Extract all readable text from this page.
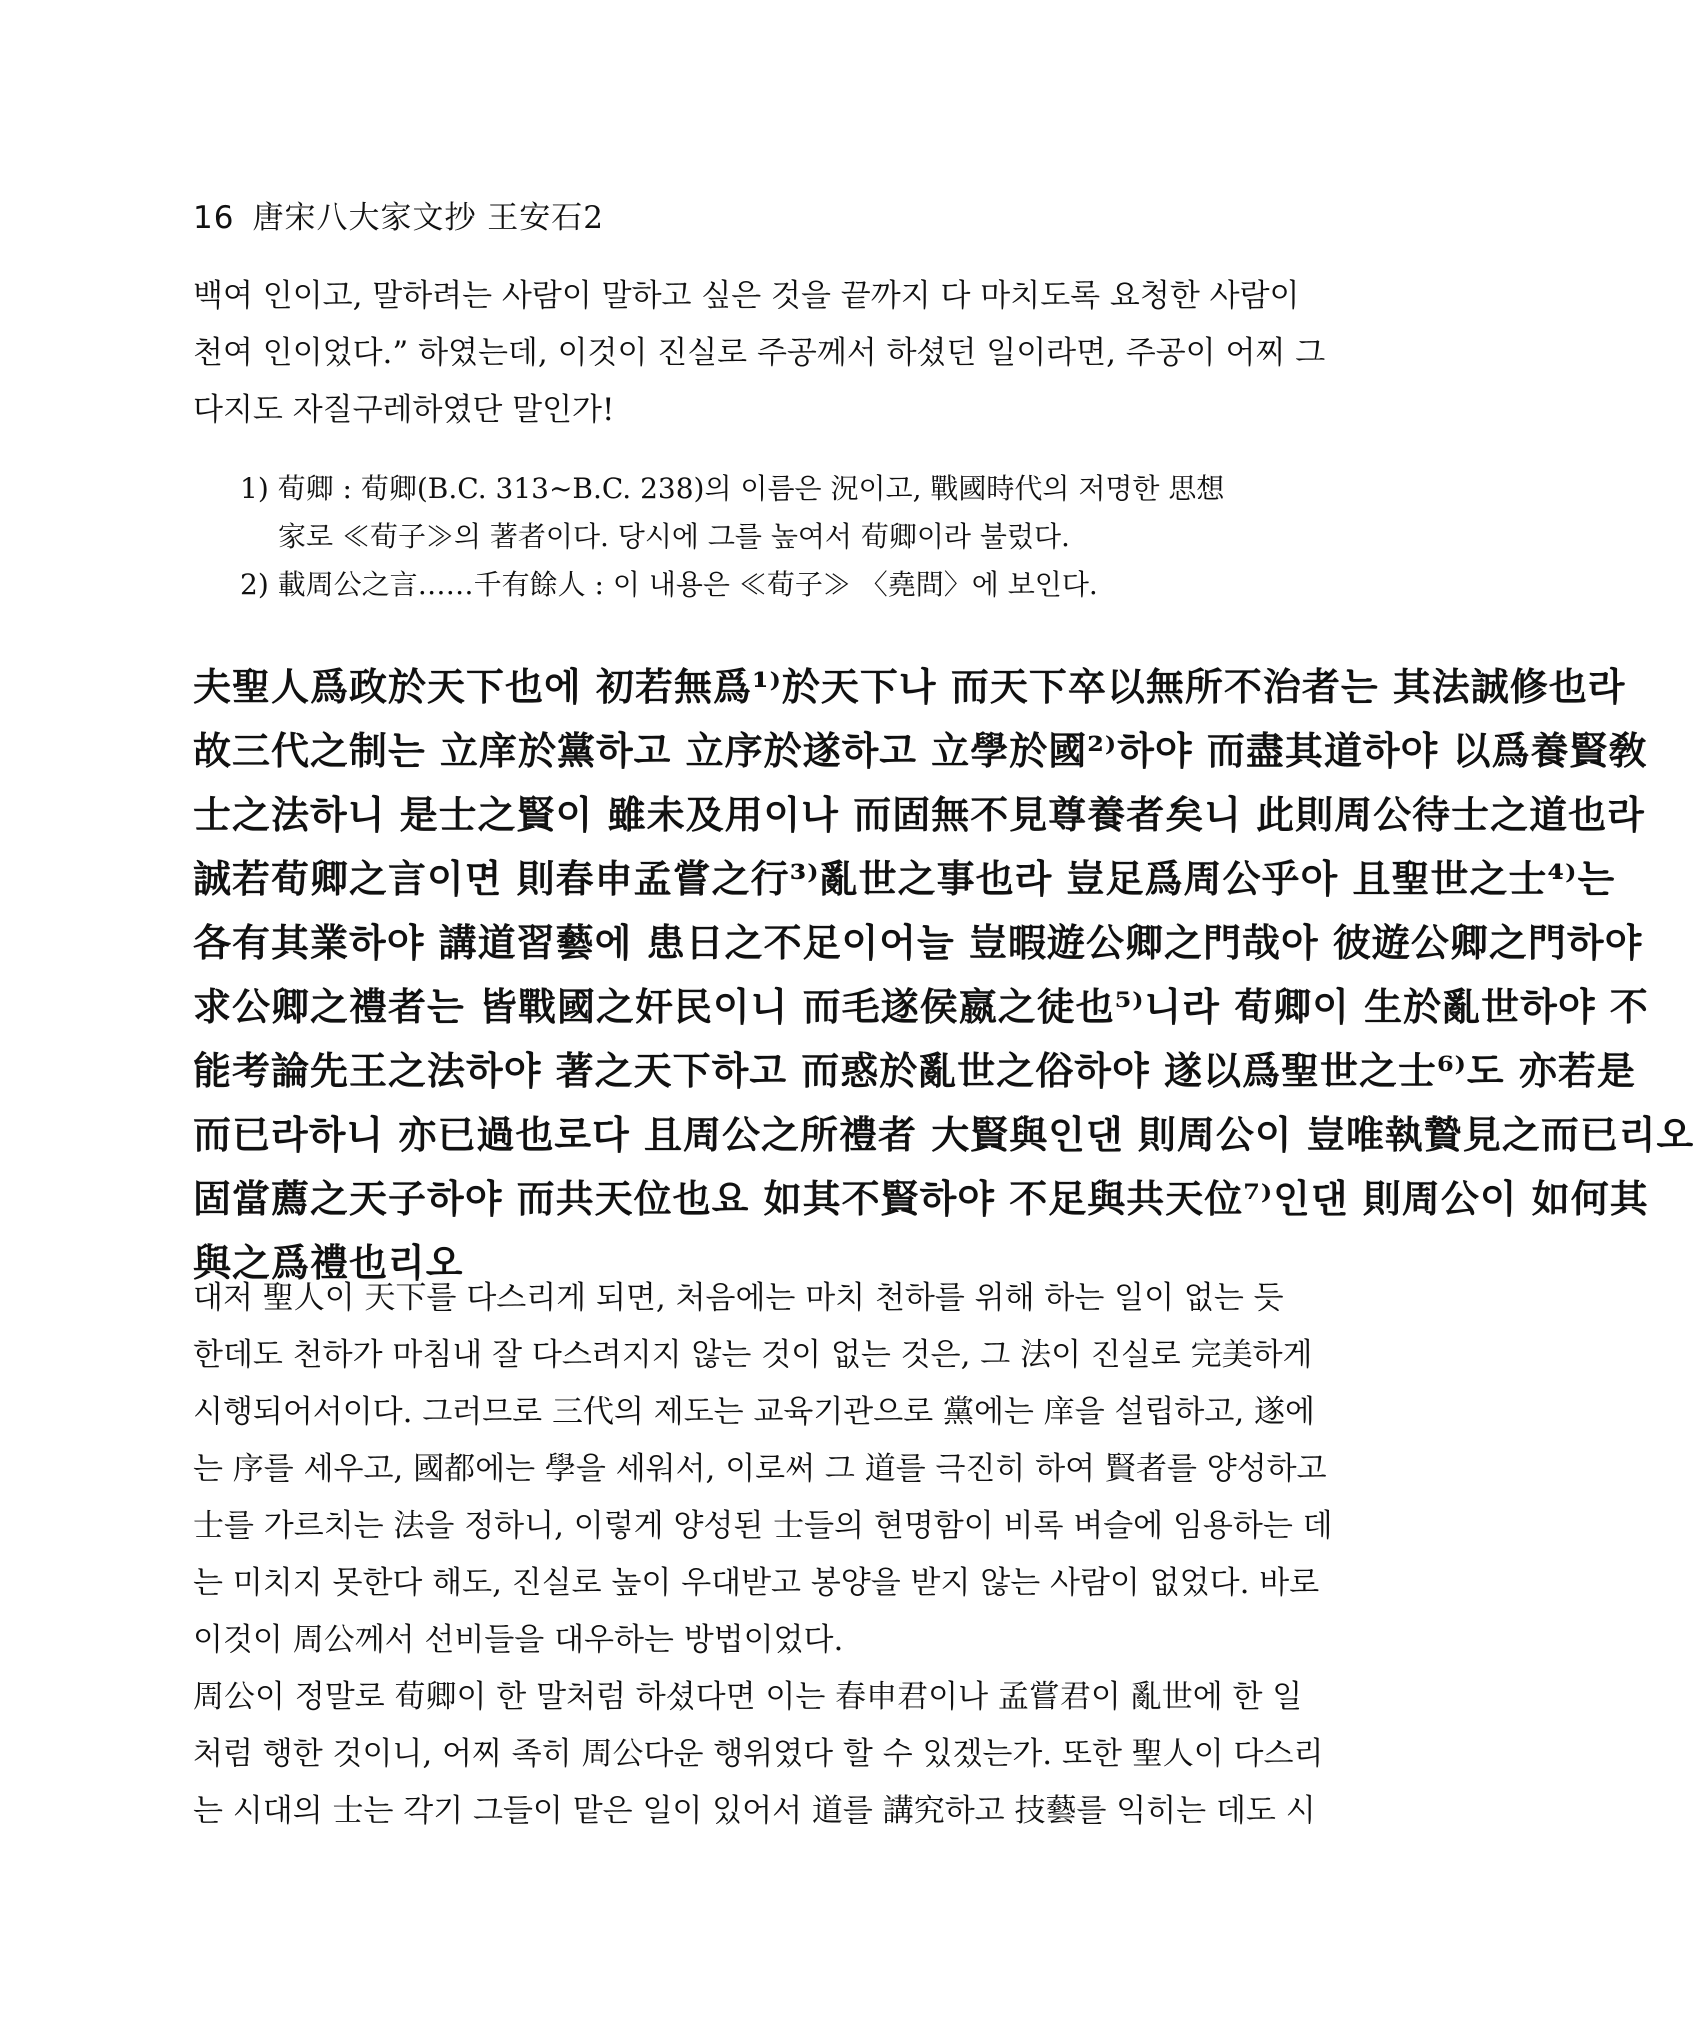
16 唐宋八大家文抄 王安石2
백여 인이고, 말하려는 사람이 말하고 싶은 것을 끝까지 다 마치도록 요청한 사람이
천여 인이었다.” 하였는데, 이것이 진실로 주공께서 하셨던 일이라면, 주공이 어찌 그
다지도 자질구레하였단 말인가!
1) 荀卿 : 荀卿(B.C. 313~B.C. 238)의 이름은 況이고, 戰國時代의 저명한 思想
家로 ≪荀子≫의 著者이다. 당시에 그를 높여서 荀卿이라 불렀다.
2) 載周公之言……千有餘人 : 이 내용은 ≪荀子≫ 〈堯問〉에 보인다.
夫聖人爲政於天下也에 初若無爲¹⁾於天下나 而天下卒以無所不治者는 其法誠修也라
故三代之制는 立庠於黨하고 立序於遂하고 立學於國²⁾하야 而盡其道하야 以爲養賢敎
士之法하니 是士之賢이 雖未及用이나 而固無不見尊養者矣니 此則周公待士之道也라
誠若荀卿之言이면 則春申孟嘗之行³⁾亂世之事也라 豈足爲周公乎아 且聖世之士⁴⁾는
各有其業하야 講道習藝에 患日之不足이어늘 豈暇遊公卿之門哉아 彼遊公卿之門하야
求公卿之禮者는 皆戰國之奸民이니 而毛遂侯嬴之徒也⁵⁾니라 荀卿이 生於亂世하야 不
能考論先王之法하야 著之天下하고 而惑於亂世之俗하야 遂以爲聖世之士⁶⁾도 亦若是
而已라하니 亦已過也로다 且周公之所禮者 大賢與인댄 則周公이 豈唯執贄見之而已리오
固當薦之天子하야 而共天位也요 如其不賢하야 不足與共天位⁷⁾인댄 則周公이 如何其
與之爲禮也리오
대저 聖人이 天下를 다스리게 되면, 처음에는 마치 천하를 위해 하는 일이 없는 듯
한데도 천하가 마침내 잘 다스려지지 않는 것이 없는 것은, 그 法이 진실로 完美하게
시행되어서이다. 그러므로 三代의 제도는 교육기관으로 黨에는 庠을 설립하고, 遂에
는 序를 세우고, 國都에는 學을 세워서, 이로써 그 道를 극진히 하여 賢者를 양성하고
士를 가르치는 法을 정하니, 이렇게 양성된 士들의 현명함이 비록 벼슬에 임용하는 데
는 미치지 못한다 해도, 진실로 높이 우대받고 봉양을 받지 않는 사람이 없었다. 바로
이것이 周公께서 선비들을 대우하는 방법이었다.
周公이 정말로 荀卿이 한 말처럼 하셨다면 이는 春申君이나 孟嘗君이 亂世에 한 일
처럼 행한 것이니, 어찌 족히 周公다운 행위였다 할 수 있겠는가. 또한 聖人이 다스리
는 시대의 士는 각기 그들이 맡은 일이 있어서 道를 講究하고 技藝를 익히는 데도 시
